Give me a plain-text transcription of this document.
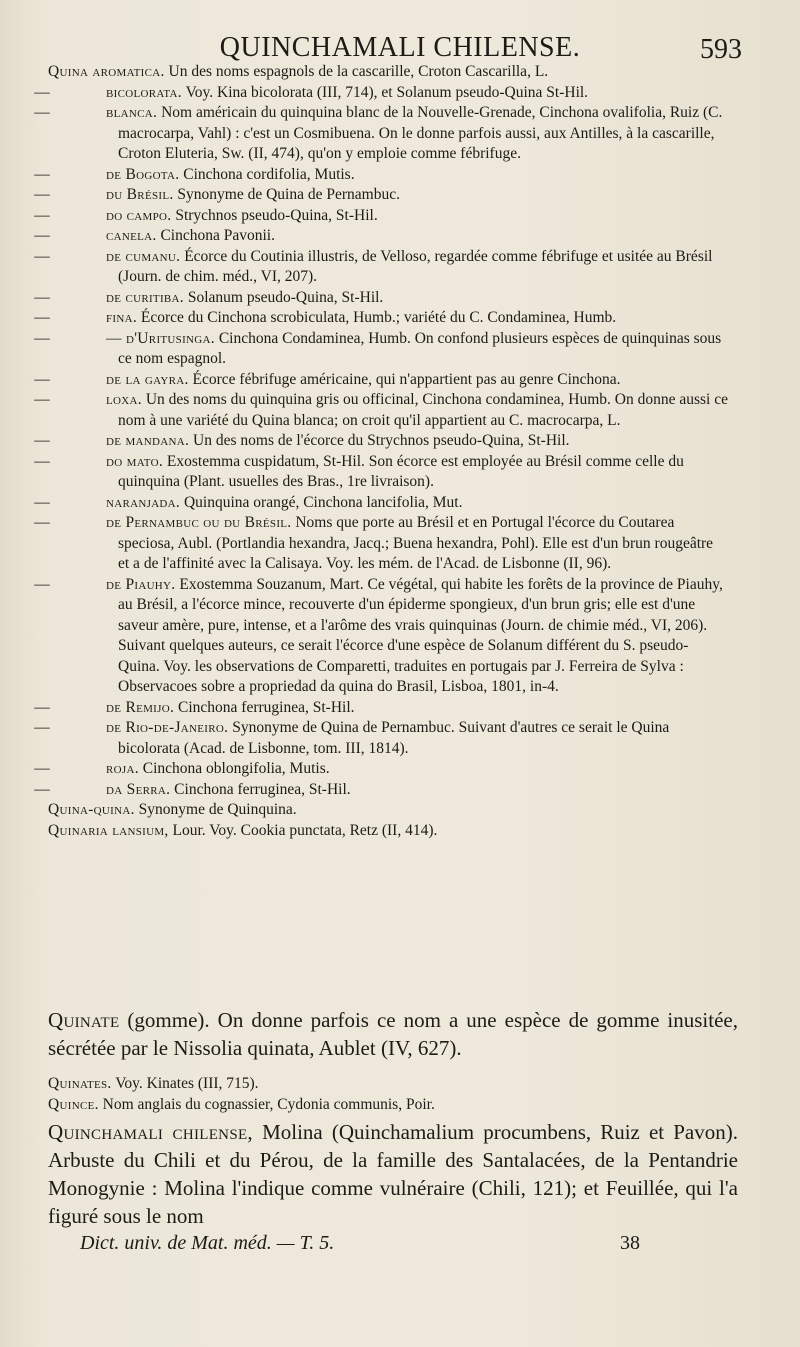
QUINCHAMALI CHILENSE.	593

Quina aromatica. Un des noms espagnols de la cascarille, Croton Cascarilla, L.

—	bicolorata. Voy. Kina bicolorata (III, 714), et Solanum pseudo-Quina St-Hil.

—	blanca. Nom américain du quinquina blanc de la Nouvelle-Grenade, Cinchona ovalifolia, Ruiz (C. macrocarpa, Vahl) : c'est un Cosmibuena. On le donne parfois aussi, aux Antilles, à la cascarille, Croton Eluteria, Sw. (II, 474), qu'on y emploie comme fébrifuge.

—	de Bogota. Cinchona cordifolia, Mutis.

—	du Brésil. Synonyme de Quina de Pernambuc.

—	do campo. Strychnos pseudo-Quina, St-Hil.

—	canela. Cinchona Pavonii.

—	de cumanu. Écorce du Coutinia illustris, de Velloso, regardée comme fébrifuge et usitée au Brésil (Journ. de chim. méd., VI, 207).

—	de curitiba. Solanum pseudo-Quina, St-Hil.

—	fina. Écorce du Cinchona scrobiculata, Humb.; variété du C. Condaminea, Humb.

—	— d'Uritusinga. Cinchona Condaminea, Humb. On confond plusieurs espèces de quinquinas sous ce nom espagnol.

—	de la gayra. Écorce fébrifuge américaine, qui n'appartient pas au genre Cinchona.

—	loxa. Un des noms du quinquina gris ou officinal, Cinchona condaminea, Humb. On donne aussi ce nom à une variété du Quina blanca; on croit qu'il appartient au C. macrocarpa, L.

—	de mandana. Un des noms de l'écorce du Strychnos pseudo-Quina, St-Hil.

—	do mato. Exostemma cuspidatum, St-Hil. Son écorce est employée au Brésil comme celle du quinquina (Plant. usuelles des Bras., 1re livraison).

—	naranjada. Quinquina orangé, Cinchona lancifolia, Mut.

—	de Pernambuc ou du Brésil. Noms que porte au Brésil et en Portugal l'écorce du Coutarea speciosa, Aubl. (Portlandia hexandra, Jacq.; Buena hexandra, Pohl). Elle est d'un brun rougeâtre et a de l'affinité avec la Calisaya. Voy. les mém. de l'Acad. de Lisbonne (II, 96).

—	de Piauhy. Exostemma Souzanum, Mart. Ce végétal, qui habite les forêts de la province de Piauhy, au Brésil, a l'écorce mince, recouverte d'un épiderme spongieux, d'un brun gris; elle est d'une saveur amère, pure, intense, et a l'arôme des vrais quinquinas (Journ. de chimie méd., VI, 206). Suivant quelques auteurs, ce serait l'écorce d'une espèce de Solanum différent du S. pseudo-Quina. Voy. les observations de Comparetti, traduites en portugais par J. Ferreira de Sylva : Observacoes sobre a propriedad da quina do Brasil, Lisboa, 1801, in-4.

—	de Remijo. Cinchona ferruginea, St-Hil.

—	de Rio-de-Janeiro. Synonyme de Quina de Pernambuc. Suivant d'autres ce serait le Quina bicolorata (Acad. de Lisbonne, tom. III, 1814).

—	roja. Cinchona oblongifolia, Mutis.

—	da Serra. Cinchona ferruginea, St-Hil.

Quina-quina. Synonyme de Quinquina.

Quinaria lansium, Lour. Voy. Cookia punctata, Retz (II, 414).

Quinate (gomme). On donne parfois ce nom a une espèce de gomme inusitée, sécrétée par le Nissolia quinata, Aublet (IV, 627).

Quinates. Voy. Kinates (III, 715).

Quince. Nom anglais du cognassier, Cydonia communis, Poir.

Quinchamali chilense, Molina (Quinchamalium procumbens, Ruiz et Pavon). Arbuste du Chili et du Pérou, de la famille des Santalacées, de la Pentandrie Monogynie : Molina l'indique comme vulnéraire (Chili, 121); et Feuillée, qui l'a figuré sous le nom
Dict. univ. de Mat. méd. — T. 5.	38
